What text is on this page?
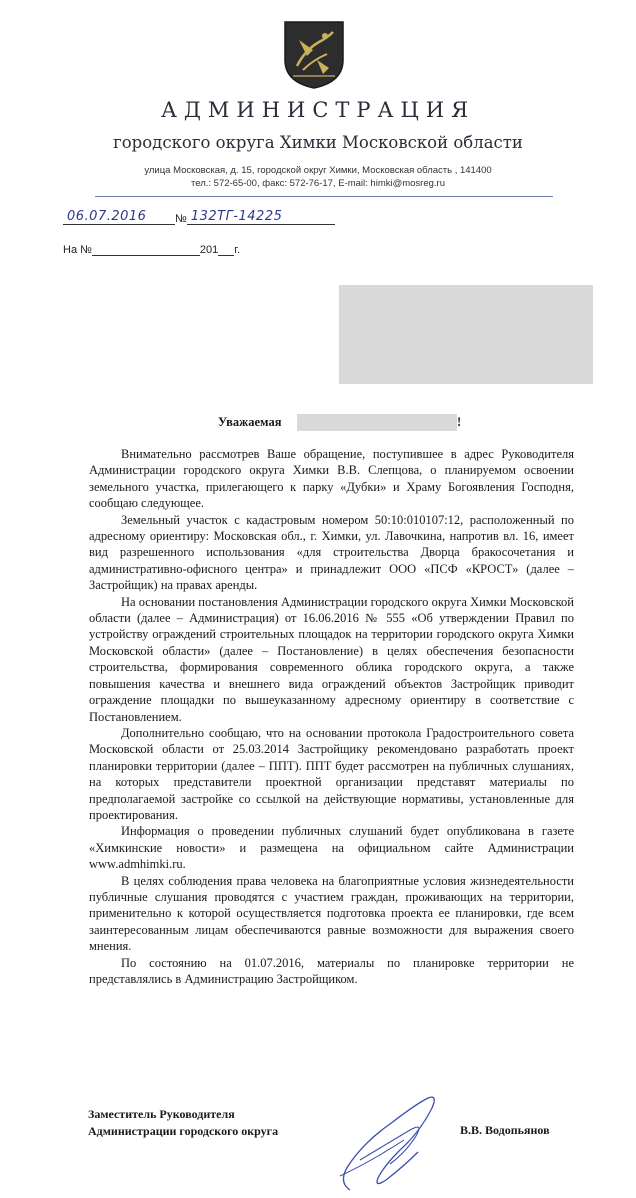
АДМИНИСТРАЦИЯ
городского округа Химки Московской области
улица Московская, д. 15, городской округ Химки, Московская область , 141400
тел.: 572-65-00, факс: 572-76-17, E-mail: himki@mosreg.ru
06.07.2016	№ 132ТГ-14225
На №	201 г.
Уважаемая	!

Внимательно рассмотрев Ваше обращение, поступившее в адрес Руководителя Администрации городского округа Химки В.В. Слепцова, о планируемом освоении земельного участка, прилегающего к парку «Дубки» и Храму Богоявления Господня, сообщаю следующее.

Земельный участок с кадастровым номером 50:10:010107:12, расположенный по адресному ориентиру: Московская обл., г. Химки, ул. Лавочкина, напротив вл. 16, имеет вид разрешенного использования «для строительства Дворца бракосочетания и административно-офисного центра» и принадлежит ООО «ПСФ «КРОСТ» (далее – Застройщик) на правах аренды.

На основании постановления Администрации городского округа Химки Московской области (далее – Администрация) от 16.06.2016 № 555 «Об утверждении Правил по устройству ограждений строительных площадок на территории городского округа Химки Московской области» (далее – Постановление) в целях обеспечения безопасности строительства, формирования современного облика городского округа, а также повышения качества и внешнего вида ограждений объектов Застройщик приводит ограждение площадки по вышеуказанному адресному ориентиру в соответствие с Постановлением.

Дополнительно сообщаю, что на основании протокола Градостроительного совета Московской области от 25.03.2014 Застройщику рекомендовано разработать проект планировки территории (далее – ППТ). ППТ будет рассмотрен на публичных слушаниях, на которых представители проектной организации представят материалы по предполагаемой застройке со ссылкой на действующие нормативы, установленные для проектирования.

Информация о проведении публичных слушаний будет опубликована в газете «Химкинские новости» и размещена на официальном сайте Администрации www.admhimki.ru.

В целях соблюдения права человека на благоприятные условия жизнедеятельности публичные слушания проводятся с участием граждан, проживающих на территории, применительно к которой осуществляется подготовка проекта ее планировки, где всем заинтересованным лицам обеспечиваются равные возможности для выражения своего мнения.

По состоянию на 01.07.2016, материалы по планировке территории не представлялись в Администрацию Застройщиком.

Заместитель Руководителя
Администрации городского округа	В.В. Водопьянов
